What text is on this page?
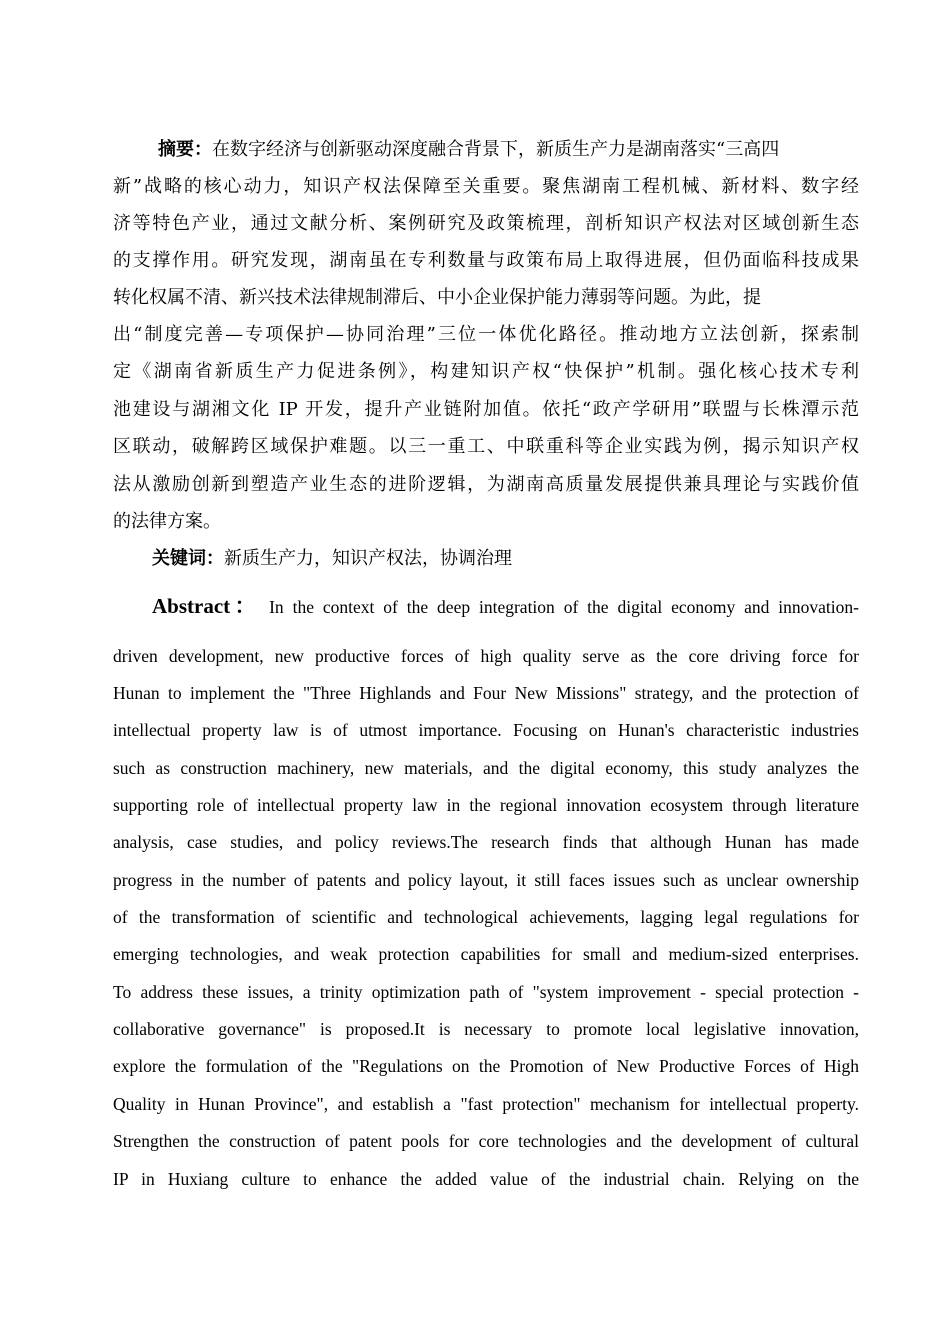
摘要：在数字经济与创新驱动深度融合背景下，新质生产力是湖南落实“三高四
新”战略的核心动力，知识产权法保障至关重要。聚焦湖南工程机械、新材料、数字经
济等特色产业，通过文献分析、案例研究及政策梳理，剖析知识产权法对区域创新生态
的支撑作用。研究发现，湖南虽在专利数量与政策布局上取得进展，但仍面临科技成果
转化权属不清、新兴技术法律规制滞后、中小企业保护能力薄弱等问题。为此，提
出“制度完善—专项保护—协同治理”三位一体优化路径。推动地方立法创新，探索制
定《湖南省新质生产力促进条例》，构建知识产权“快保护”机制。强化核心技术专利
池建设与湖湘文化 IP 开发，提升产业链附加值。依托“政产学研用”联盟与长株潭示范
区联动，破解跨区域保护难题。以三一重工、中联重科等企业实践为例，揭示知识产权
法从激励创新到塑造产业生态的进阶逻辑，为湖南高质量发展提供兼具理论与实践价值
的法律方案。
关键词：新质生产力，知识产权法，协调治理
Abstract： In the context of the deep integration of the digital economy and innovation-
driven development, new productive forces of high quality serve as the core driving force for
Hunan to implement the "Three Highlands and Four New Missions" strategy, and the protection of
intellectual property law is of utmost importance. Focusing on Hunan's characteristic industries
such as construction machinery, new materials, and the digital economy, this study analyzes the
supporting role of intellectual property law in the regional innovation ecosystem through literature
analysis, case studies, and policy reviews.The research finds that although Hunan has made
progress in the number of patents and policy layout, it still faces issues such as unclear ownership
of the transformation of scientific and technological achievements, lagging legal regulations for
emerging technologies, and weak protection capabilities for small and medium-sized enterprises.
To address these issues, a trinity optimization path of "system improvement - special protection -
collaborative governance" is proposed.It is necessary to promote local legislative innovation,
explore the formulation of the "Regulations on the Promotion of New Productive Forces of High
Quality in Hunan Province", and establish a "fast protection" mechanism for intellectual property.
Strengthen the construction of patent pools for core technologies and the development of cultural
IP in Huxiang culture to enhance the added value of the industrial chain. Relying on the
